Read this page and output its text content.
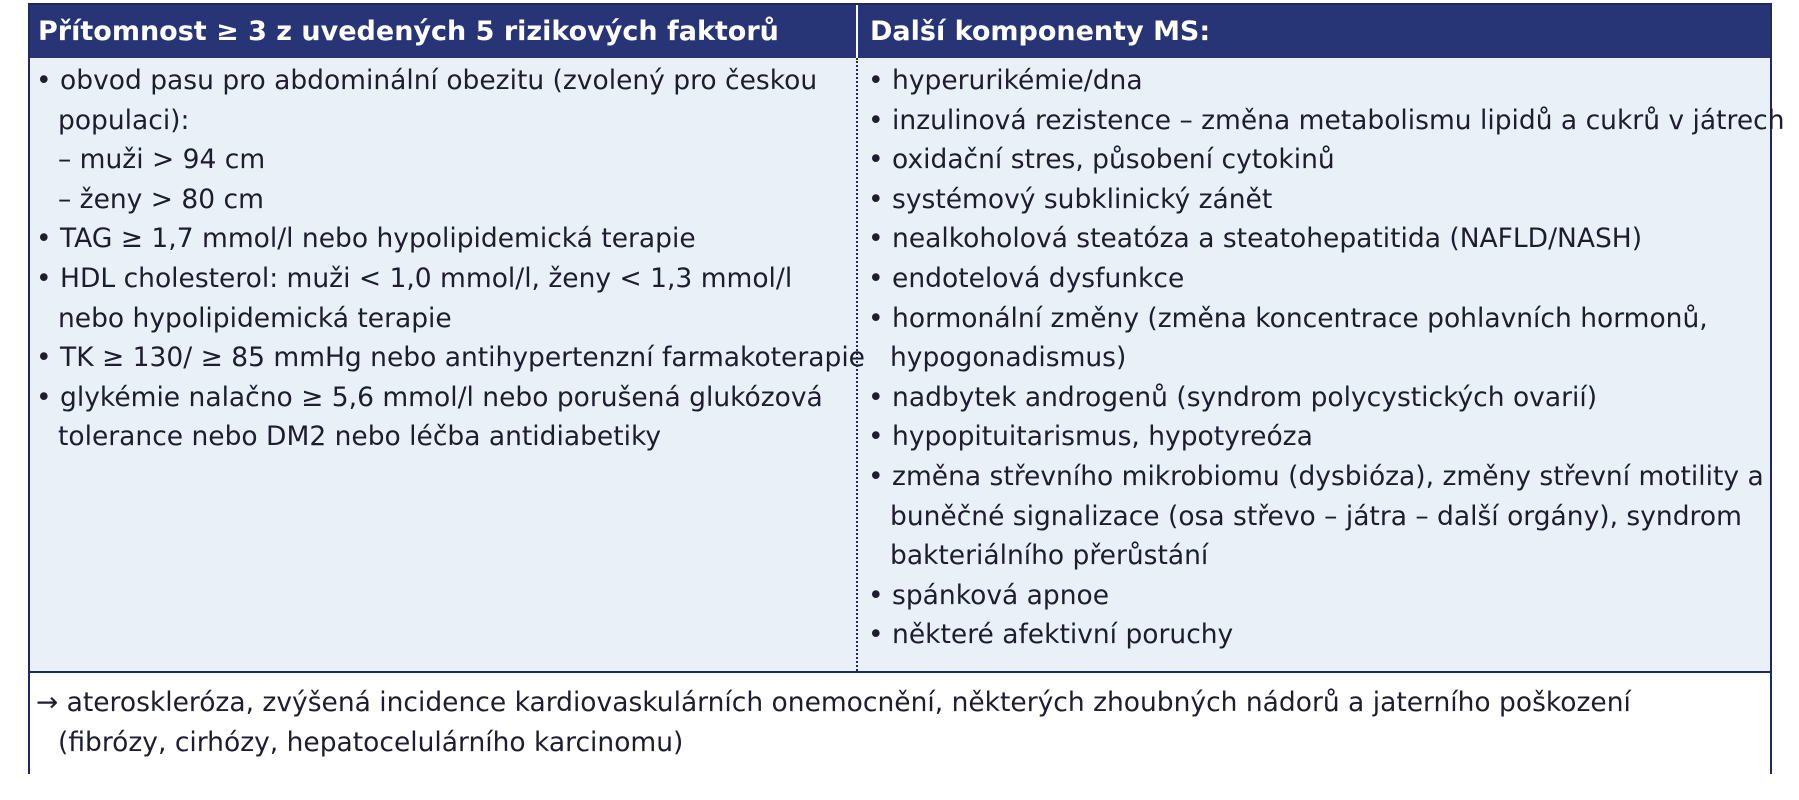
Přítomnost ≥ 3 z uvedených 5 rizikových faktorů	Další komponenty MS:
• obvod pasu pro abdominální obezitu (zvolený pro českou
populaci):
– muži > 94 cm
– ženy > 80 cm
• TAG ≥ 1,7 mmol/l nebo hypolipidemická terapie
• HDL cholesterol: muži < 1,0 mmol/l, ženy < 1,3 mmol/l
nebo hypolipidemická terapie
• TK ≥ 130/ ≥ 85 mmHg nebo antihypertenzní farmakoterapie
• glykémie nalačno ≥ 5,6 mmol/l nebo porušená glukózová
tolerance nebo DM2 nebo léčba antidiabetiky
• hyperurikémie/dna
• inzulinová rezistence – změna metabolismu lipidů a cukrů v játrech
• oxidační stres, působení cytokinů
• systémový subklinický zánět
• nealkoholová steatóza a steatohepatitida (NAFLD/NASH)
• endotelová dysfunkce
• hormonální změny (změna koncentrace pohlavních hormonů,
hypogonadismus)
• nadbytek androgenů (syndrom polycystických ovarií)
• hypopituitarismus, hypotyreóza
• změna střevního mikrobiomu (dysbióza), změny střevní motility a
buněčné signalizace (osa střevo – játra – další orgány), syndrom
bakteriálního přerůstání
• spánková apnoe
• některé afektivní poruchy
→ ateroskleróza, zvýšená incidence kardiovaskulárních onemocnění, některých zhoubných nádorů a jaterního poškození
(fibrózy, cirhózy, hepatocelulárního karcinomu)
